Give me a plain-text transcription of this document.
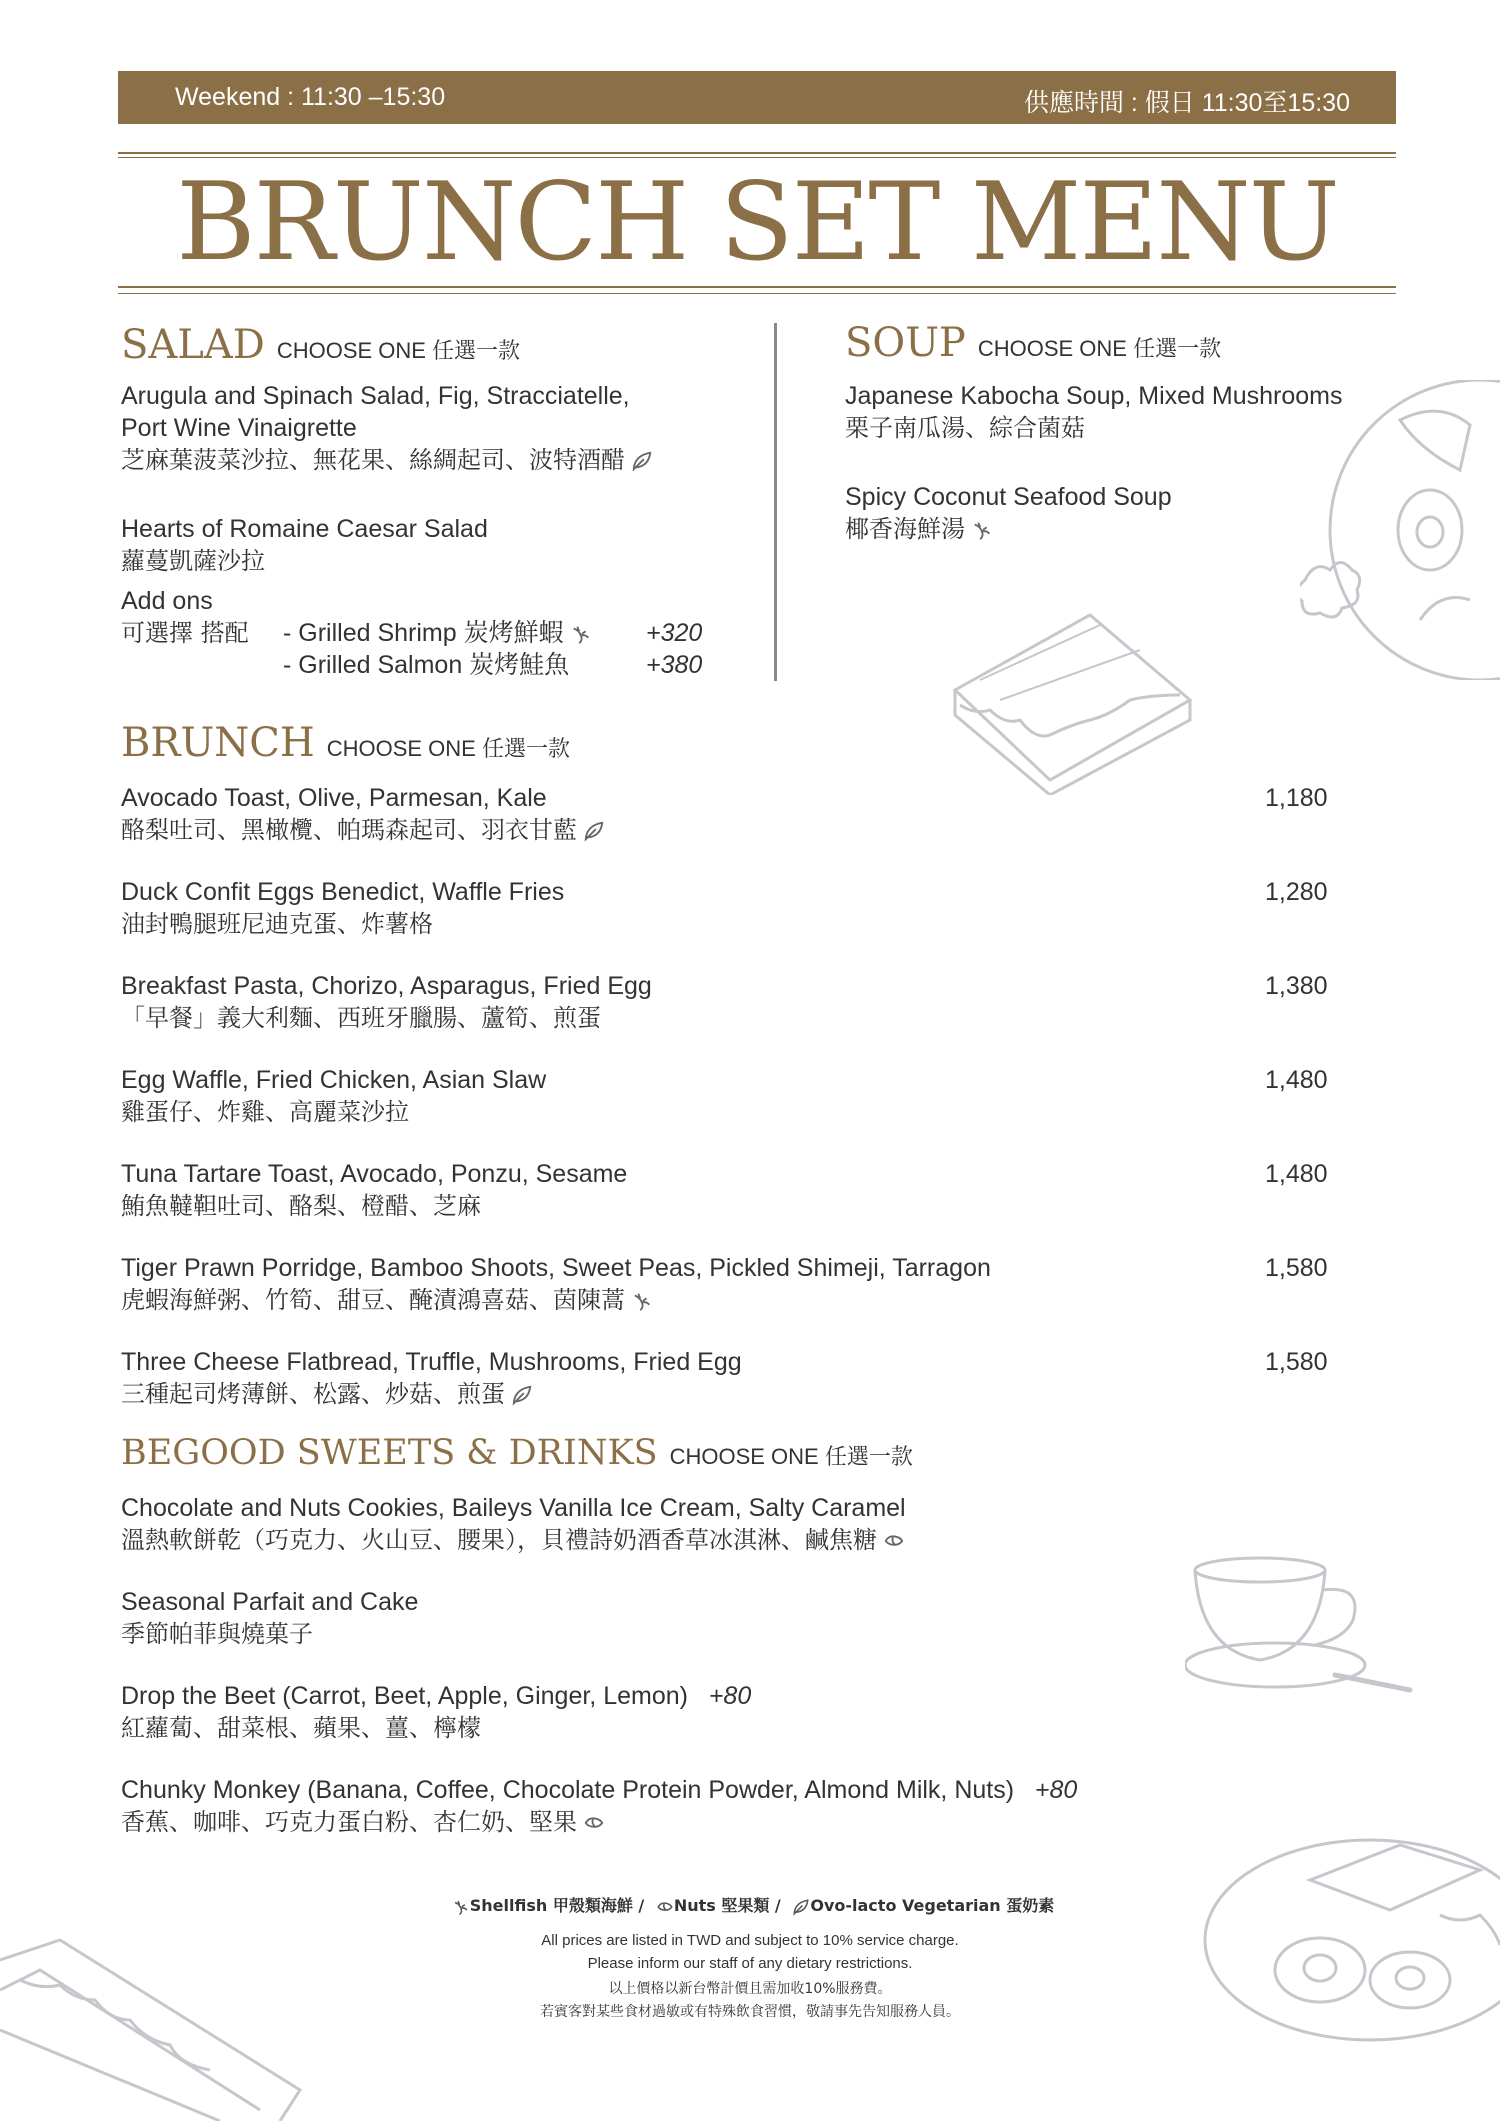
Weekend : 11:30 –15:30	供應時間 : 假日 11:30至15:30
BRUNCH SET MENU
SALAD CHOOSE ONE 任選一款
Arugula and Spinach Salad, Fig, Stracciatelle,
Port Wine Vinaigrette
芝麻葉菠菜沙拉、無花果、絲綢起司、波特酒醋
Hearts of Romaine Caesar Salad
蘿蔓凱薩沙拉
Add ons
可選擇 搭配 - Grilled Shrimp 炭烤鮮蝦	+320
- Grilled Salmon 炭烤鮭魚	+380
SOUP CHOOSE ONE 任選一款
Japanese Kabocha Soup, Mixed Mushrooms
栗子南瓜湯、綜合菌菇
Spicy Coconut Seafood Soup
椰香海鮮湯
BRUNCH CHOOSE ONE 任選一款
Avocado Toast, Olive, Parmesan, Kale
酪梨吐司、黑橄欖、帕瑪森起司、羽衣甘藍
1,180
Duck Confit Eggs Benedict, Waffle Fries
油封鴨腿班尼迪克蛋、炸薯格
1,280
Breakfast Pasta, Chorizo, Asparagus, Fried Egg
「早餐」義大利麵、西班牙臘腸、蘆筍、煎蛋
1,380
Egg Waffle, Fried Chicken, Asian Slaw
雞蛋仔、炸雞、高麗菜沙拉
1,480
Tuna Tartare Toast, Avocado, Ponzu, Sesame
鮪魚韃靼吐司、酪梨、橙醋、芝麻
1,480
Tiger Prawn Porridge, Bamboo Shoots, Sweet Peas, Pickled Shimeji, Tarragon
虎蝦海鮮粥、竹筍、甜豆、醃漬鴻喜菇、茵陳蒿
1,580
Three Cheese Flatbread, Truffle, Mushrooms, Fried Egg
三種起司烤薄餅、松露、炒菇、煎蛋
1,580
BEGOOD SWEETS & DRINKS CHOOSE ONE 任選一款
Chocolate and Nuts Cookies, Baileys Vanilla Ice Cream, Salty Caramel
溫熱軟餅乾（巧克力、火山豆、腰果），貝禮詩奶酒香草冰淇淋、鹹焦糖
Seasonal Parfait and Cake
季節帕菲與燒菓子
Drop the Beet (Carrot, Beet, Apple, Ginger, Lemon) +80
紅蘿蔔、甜菜根、蘋果、薑、檸檬
Chunky Monkey (Banana, Coffee, Chocolate Protein Powder, Almond Milk, Nuts) +80
香蕉、咖啡、巧克力蛋白粉、杏仁奶、堅果
Shellfish 甲殼類海鮮 / Nuts 堅果類 / Ovo-lacto Vegetarian 蛋奶素
All prices are listed in TWD and subject to 10% service charge.
Please inform our staff of any dietary restrictions.
以上價格以新台幣計價且需加收10%服務費。
若賓客對某些食材過敏或有特殊飲食習慣，敬請事先告知服務人員。
